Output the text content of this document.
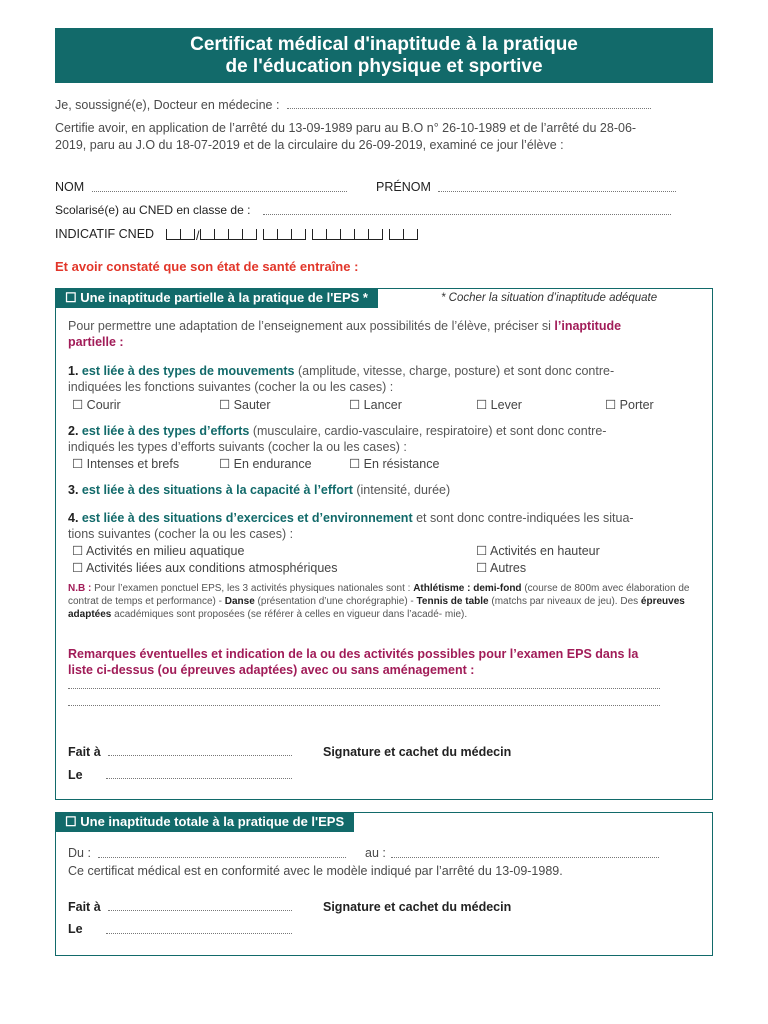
Certificat médical d'inaptitude à la pratique
de l'éducation physique et sportive
Je, soussigné(e), Docteur en médecine :
Certifie avoir, en application de l’arrêté du 13-09-1989 paru au B.O n° 26-10-1989 et de l’arrêté du 28-06-
2019, paru au J.O du 18-07-2019 et de la circulaire du 26-09-2019, examiné ce jour l’élève :
NOM	PRÉNOM
Scolarisé(e) au CNED en classe de :
INDICATIF CNED	/
Et avoir constaté que son état de santé entraîne :
☐ Une inaptitude partielle à la pratique de l'EPS *	* Cocher la situation d’inaptitude adéquate
Pour permettre une adaptation de l’enseignement aux possibilités de l’élève, préciser si l’inaptitude
partielle :
1. est liée à des types de mouvements (amplitude, vitesse, charge, posture) et sont donc contre-
indiquées les fonctions suivantes (cocher la ou les cases) :
☐ Courir	☐ Sauter	☐ Lancer	☐ Lever	☐ Porter
2. est liée à des types d’efforts (musculaire, cardio-vasculaire, respiratoire) et sont donc contre-
indiqués les types d’efforts suivants (cocher la ou les cases) :
☐ Intenses et brefs	☐ En endurance	☐ En résistance
3. est liée à des situations à la capacité à l’effort (intensité, durée)
4. est liée à des situations d’exercices et d’environnement et sont donc contre-indiquées les situa-
tions suivantes (cocher la ou les cases) :
☐ Activités en milieu aquatique	☐ Activités en hauteur
☐ Activités liées aux conditions atmosphériques	☐ Autres
N.B : Pour l’examen ponctuel EPS, les 3 activités physiques nationales sont : Athlétisme : demi-fond (course de 800m avec élaboration de contrat de temps et performance) - Danse (présentation d’une chorégraphie) - Tennis de table (matchs par niveaux de jeu). Des épreuves adaptées académiques sont proposées (se référer à celles en vigueur dans l’acadé- mie).
Remarques éventuelles et indication de la ou des activités possibles pour l’examen EPS dans la
liste ci-dessus (ou épreuves adaptées) avec ou sans aménagement :
Fait à	Signature et cachet du médecin
Le
☐ Une inaptitude totale à la pratique de l'EPS
Du :	au :
Ce certificat médical est en conformité avec le modèle indiqué par l’arrêté du 13-09-1989.
Fait à	Signature et cachet du médecin
Le
